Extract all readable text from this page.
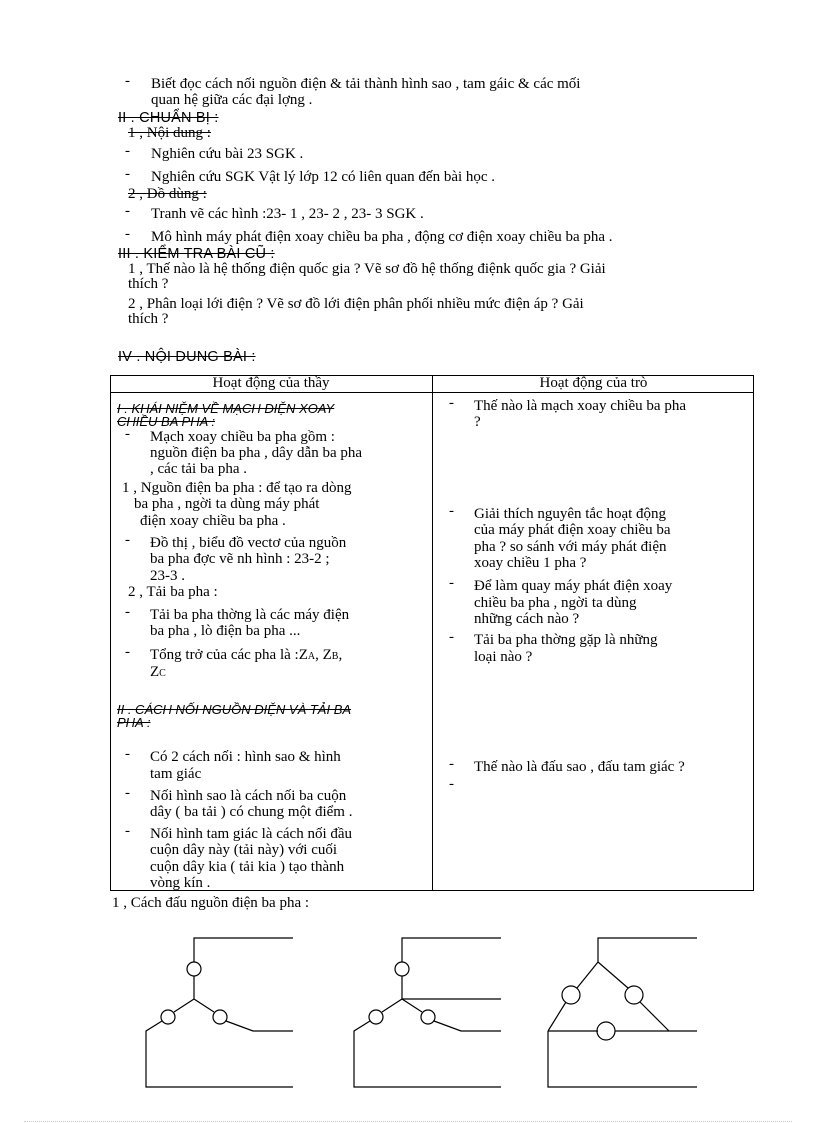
- Biết đọc cách nối nguồn điện & tải thành hình sao , tam gáic & các mối
quan hệ giữa các đại lợng .
II . CHUẨN BỊ :
1 , Nội dung :
- Nghiên cứu bài 23 SGK .
- Nghiên cứu SGK Vật lý lớp 12 có liên quan đến bài học .
2 , Đồ dùng :
- Tranh vẽ các hình :23- 1 , 23- 2 , 23- 3 SGK .
- Mô hình máy phát điện xoay chiều ba pha , động cơ điện xoay chiều ba pha .
III . KIỂM TRA BÀI CŨ :
1 , Thế nào là hệ thống điện quốc gia ? Vẽ sơ đồ hệ thống điệnk quốc gia ? Giải
thích ?
2 , Phân loại lới điện ? Vẽ sơ đồ lới điện phân phối nhiều mức điện áp ? Gải
thích ?
IV . NỘI DUNG BÀI :
Hoạt động của thầy	Hoạt động của trò
I . KHÁI NIỆM VỀ MẠCH ĐIỆN XOAY
CHIỀU BA PHA :
- Mạch xoay chiều ba pha gồm :
nguồn điện ba pha , dây dẫn ba pha
, các tải ba pha .
1 , Nguồn điện ba pha : để tạo ra dòng
ba pha , ngời ta dùng máy phát
điện xoay chiều ba pha .
- Đồ thị , biểu đồ vectơ của nguồn
ba pha đợc vẽ nh hình : 23-2 ;
23-3 .
2 , Tải ba pha :
- Tải ba pha thờng là các máy điện
ba pha , lò điện ba pha ...
- Tổng trở của các pha là :ZA, ZB,
ZC
II . CÁCH NỐI NGUỒN ĐIỆN VÀ TẢI BA
PHA :
- Có 2 cách nối : hình sao & hình
tam giác
- Nối hình sao là cách nối ba cuộn
dây ( ba tải ) có chung một điểm .
- Nối hình tam giác là cách nối đầu
cuộn dây này (tải này) với cuối
cuộn dây kia ( tải kia ) tạo thành
vòng kín .
- Thế nào là mạch xoay chiều ba pha
?
- Giải thích nguyên tắc hoạt động
của máy phát điện xoay chiều ba
pha ? so sánh với máy phát điện
xoay chiều 1 pha ?
- Để làm quay máy phát điện xoay
chiều ba pha , ngời ta dùng
những cách nào ?
- Tải ba pha thờng gặp là những
loại nào ?
- Thế nào là đấu sao , đấu tam giác ?
-
1 , Cách đấu nguồn điện ba pha :
